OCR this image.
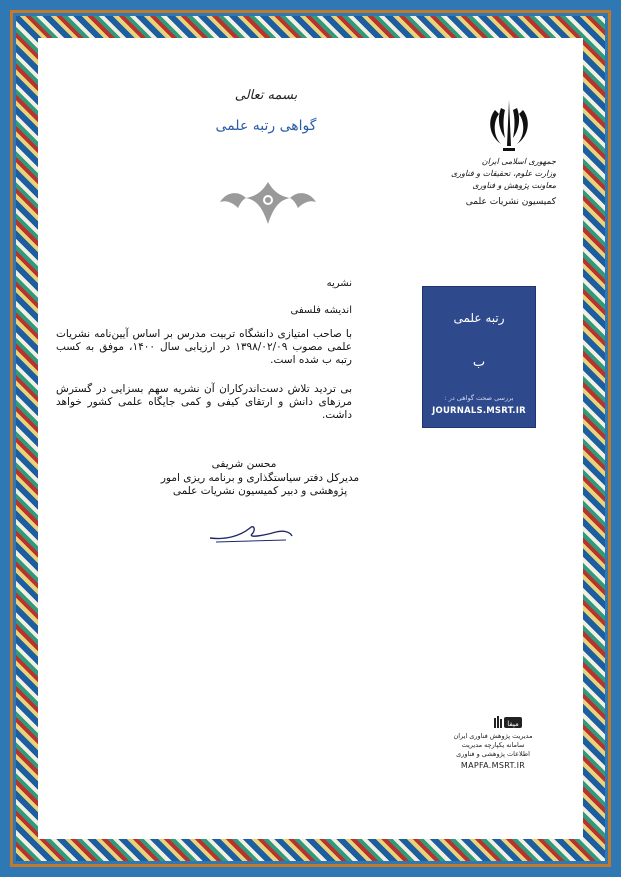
بسمه تعالی
گواهی رتبه علمی
جمهوری اسلامی ایران
وزارت علوم، تحقیقات و فناوری
معاونت پژوهش و فناوری
کمیسیون نشریات علمی
نشریه
اندیشه فلسفی
با صاحب امتیازی دانشگاه تربیت مدرس بر اساس آیین‌نامه نشریات علمی مصوب ۱۳۹۸/۰۲/۰۹ در ارزیابی سال ۱۴۰۰، موفق به کسب رتبه ب شده است.
بی تردید تلاش دست‌اندرکاران آن نشریه سهم بسزایی در گسترش مرزهای دانش و ارتقای کیفی و کمی جایگاه علمی کشور خواهد داشت.
رتبه علمی
ب
بررسی صحت گواهی در :
JOURNALS.MSRT.IR
محسن شریفی
مدیرکل دفتر سیاستگذاری و برنامه ریزی امور پژوهشی و دبیر کمیسیون نشریات علمی
مپفا
مدیریت پژوهش فناوری ایران
سامانه یکپارچه مدیریت
اطلاعات پژوهشی و فناوری
MAPFA.MSRT.IR
